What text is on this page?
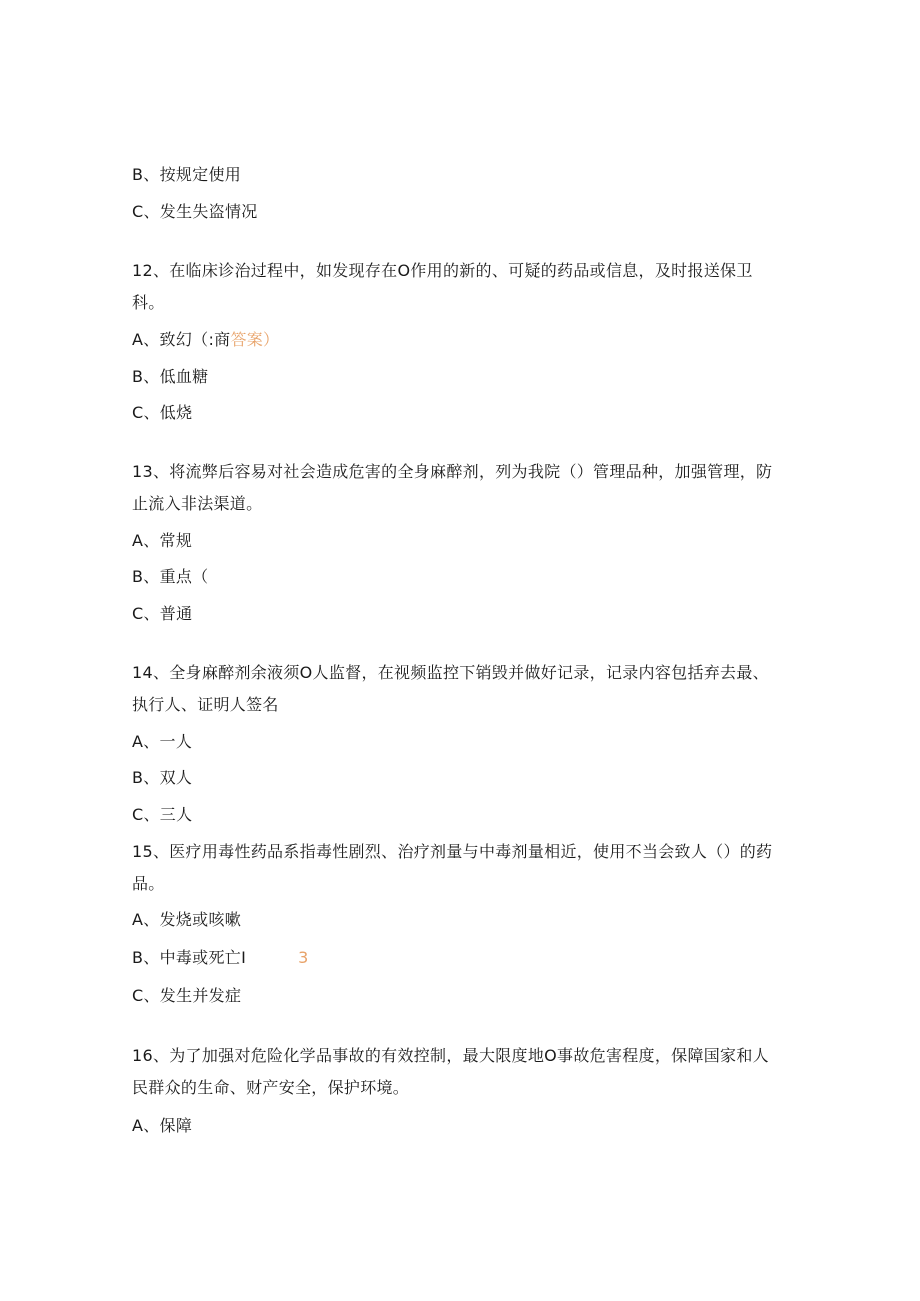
B、按规定使用
C、发生失盗情况
12、在临床诊治过程中，如发现存在O作用的新的、可疑的药品或信息，及时报送保卫科。
A、致幻（:商答案）
B、低血糖
C、低烧
13、将流弊后容易对社会造成危害的全身麻醉剂，列为我院（）管理品种，加强管理，防止流入非法渠道。
A、常规
B、重点（
C、普通
14、全身麻醉剂余液须O人监督，在视频监控下销毁并做好记录，记录内容包括弃去最、执行人、证明人签名
A、一人
B、双人
C、三人
15、医疗用毒性药品系指毒性剧烈、治疗剂量与中毒剂量相近，使用不当会致人（）的药品。
A、发烧或咳嗽
B、中毒或死亡I	3
C、发生并发症
16、为了加强对危险化学品事故的有效控制，最大限度地O事故危害程度，保障国家和人民群众的生命、财产安全，保护环境。
A、保障
